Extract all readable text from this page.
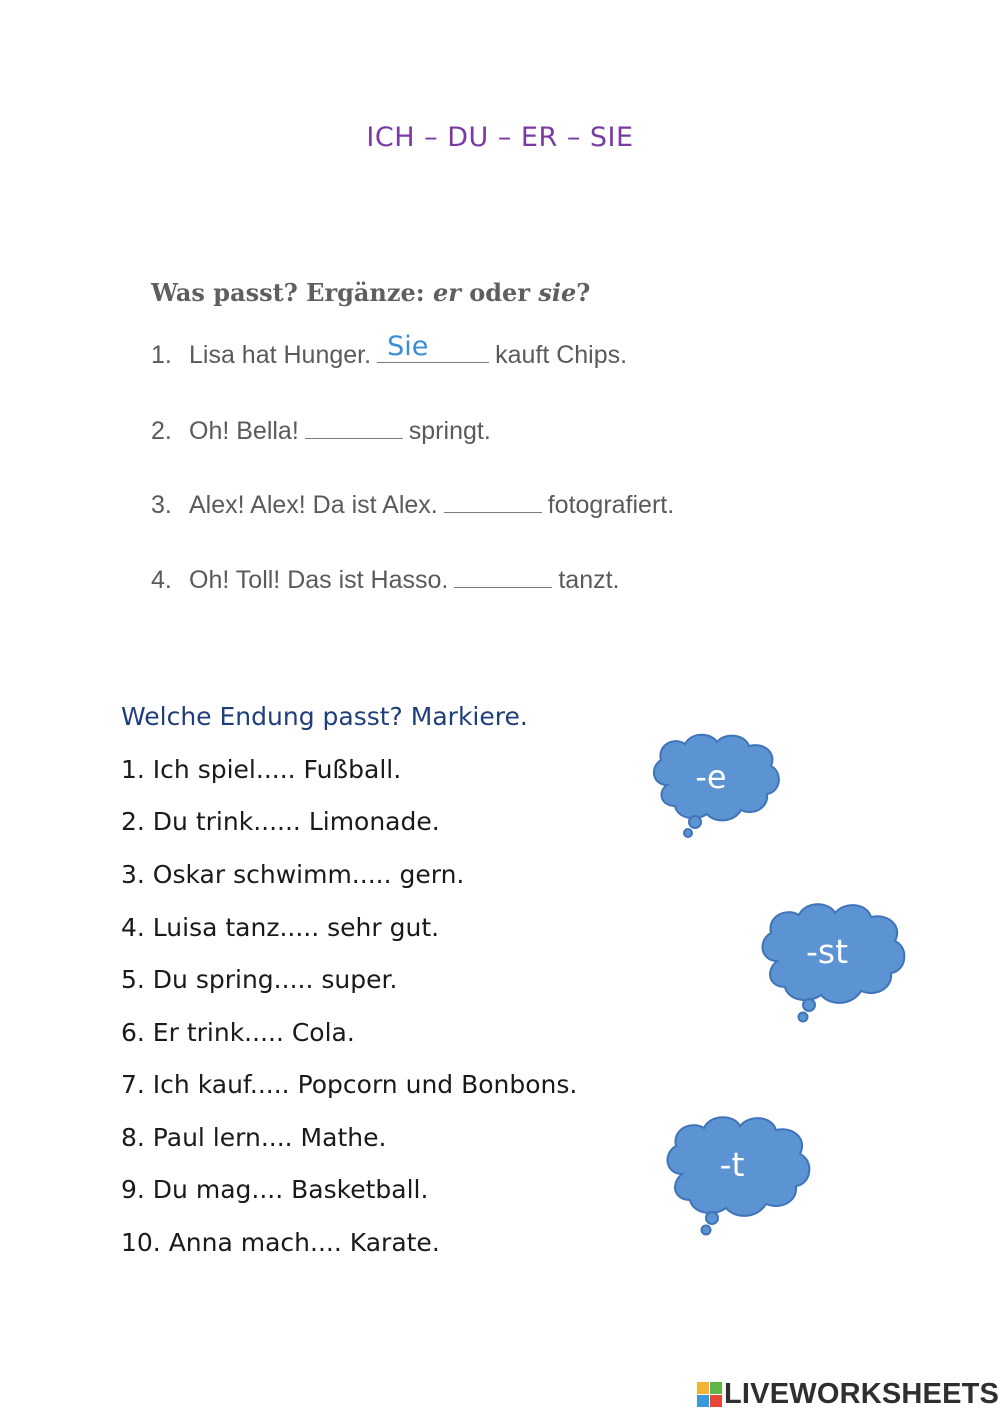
ICH – DU – ER – SIE
Was passt? Ergänze: er oder sie?
1. Lisa hat Hunger. Sie	kauft Chips.
2. Oh! Bella!	springt.
3. Alex! Alex! Da ist Alex.	fotografiert.
4. Oh! Toll! Das ist Hasso.	tanzt.
Welche Endung passt? Markiere.
1. Ich spiel..... Fußball.
2. Du trink...... Limonade.
3. Oskar schwimm..... gern.
4. Luisa tanz..... sehr gut.
5. Du spring..... super.
6. Er trink..... Cola.
7. Ich kauf..... Popcorn und Bonbons.
8. Paul lern.... Mathe.
9. Du mag.... Basketball.
10. Anna mach.... Karate.
-e
-st
-t
LIVEWORKSHEETS
